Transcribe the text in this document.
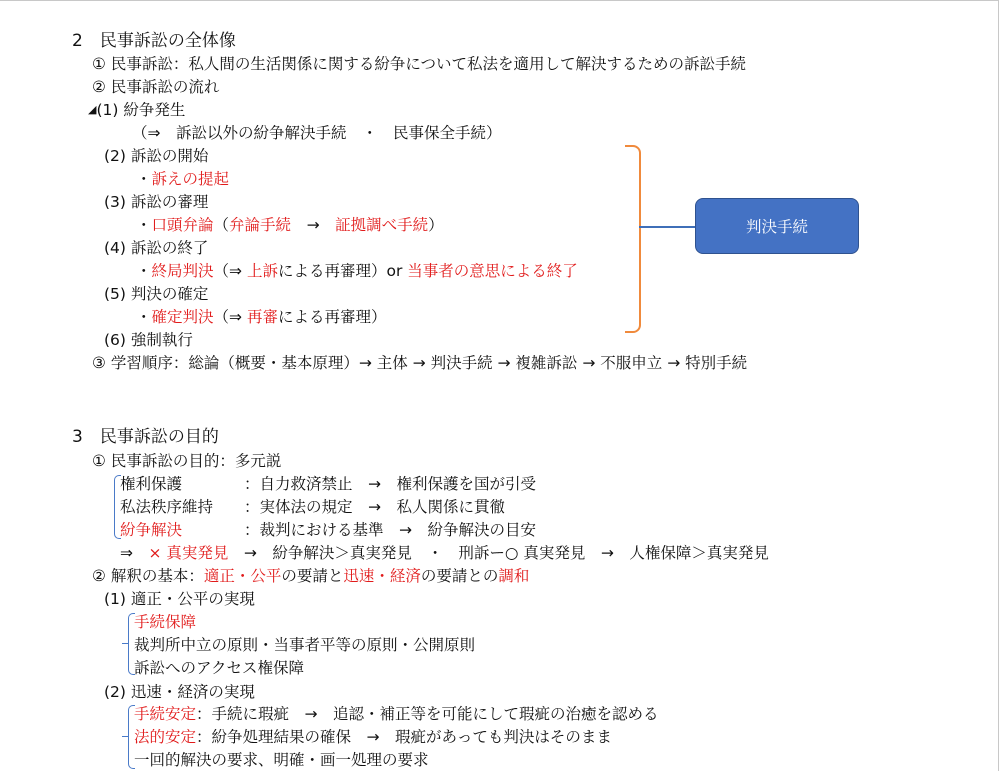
2　民事訴訟の全体像
① 民事訴訟：私人間の生活関係に関する紛争について私法を適用して解決するための訴訟手続
② 民事訴訟の流れ
◢(1) 紛争発生
（⇒　訴訟以外の紛争解決手続　・　民事保全手続）
(2) 訴訟の開始
・訴えの提起
(3) 訴訟の審理
・口頭弁論（弁論手続　→　証拠調べ手続）
(4) 訴訟の終了
・終局判決（⇒ 上訴による再審理）or 当事者の意思による終了
(5) 判決の確定
・確定判決（⇒ 再審による再審理）
(6) 強制執行
③ 学習順序：総論（概要・基本原理）→ 主体 → 判決手続 → 複雑訴訟 → 不服申立 → 特別手続
判決手続
3　民事訴訟の目的
① 民事訴訟の目的：多元説
権利保護	：自力救済禁止　→　権利保護を国が引受
私法秩序維持 ：実体法の規定　→　私人関係に貫徹
紛争解決	：裁判における基準　→　紛争解決の目安
⇒　× 真実発見　→　紛争解決＞真実発見　・　刑訴ー○ 真実発見　→　人権保障＞真実発見
② 解釈の基本：適正・公平の要請と迅速・経済の要請との調和
(1) 適正・公平の実現
手続保障
裁判所中立の原則・当事者平等の原則・公開原則
訴訟へのアクセス権保障
(2) 迅速・経済の実現
手続安定：手続に瑕疵　→　追認・補正等を可能にして瑕疵の治癒を認める
法的安定：紛争処理結果の確保　→　瑕疵があっても判決はそのまま
一回的解決の要求、明確・画一処理の要求
